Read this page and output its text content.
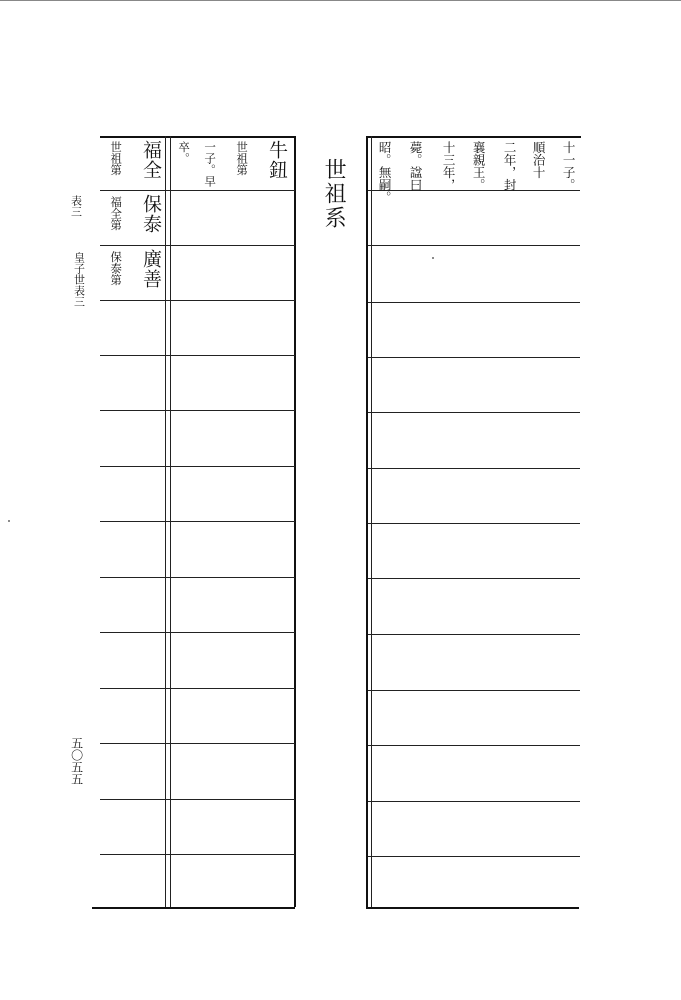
表三
皇子世表三
五〇五五
牛鈕
世祖第
一子。早
卒。
福全
世祖第
保泰
福全第
廣善
保泰第
世祖系	十一子。
順治十
二年，封
襄親王。
十三年，
薨。諡曰
昭。無嗣。
